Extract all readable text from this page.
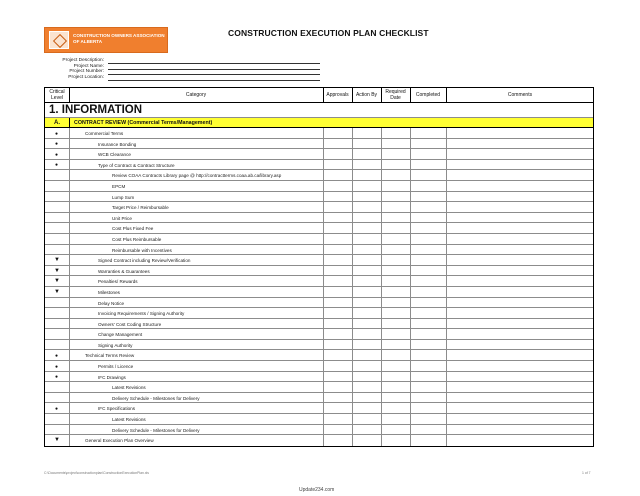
CONSTRUCTION OWNERS ASSOCIATION OF ALBERTA
CONSTRUCTION EXECUTION PLAN CHECKLIST
Project Description:
Project Name:
Project Number:
Project Location:
Critical Level	Category	Approvals	Action By	Required Date	Completed	Comments
1. INFORMATION
A.	CONTRACT REVIEW (Commercial Terms/Management)
●	Commercial Terms
●	Insurance Bonding
●	WCB Clearance
●	Type of Contract & Contract Structure
Review COAA Contracts Library page @ http://contractterms.coaa.ab.ca/library.asp
EPCM
Lump Sum
Target Price / Reimbursable
Unit Price
Cost Plus Fixed Fee
Cost Plus Reimbursable
Reimbursable with Incentives
▼	Signed Contract including Review/Verification
▼	Warranties & Guarantees
▼	Penalties/ Rewards
▼	Milestones
Delay Notice
Invoicing Requirements / Signing Authority
Owners' Cost Coding Structure
Change Management
Signing Authority
●	Technical Terms Review
●	Permits / Licence
●	IFC Drawings
Latest Revisions
Delivery Schedule - Milestones for Delivery
●	IFC Specifications
Latest Revisions
Delivery Schedule - Milestones for Delivery
▼	General Execution Plan Overview
C:\Documents\project\constructionplan\ConstructionExecutionPlan.xls	1 of 7
Update234.com
